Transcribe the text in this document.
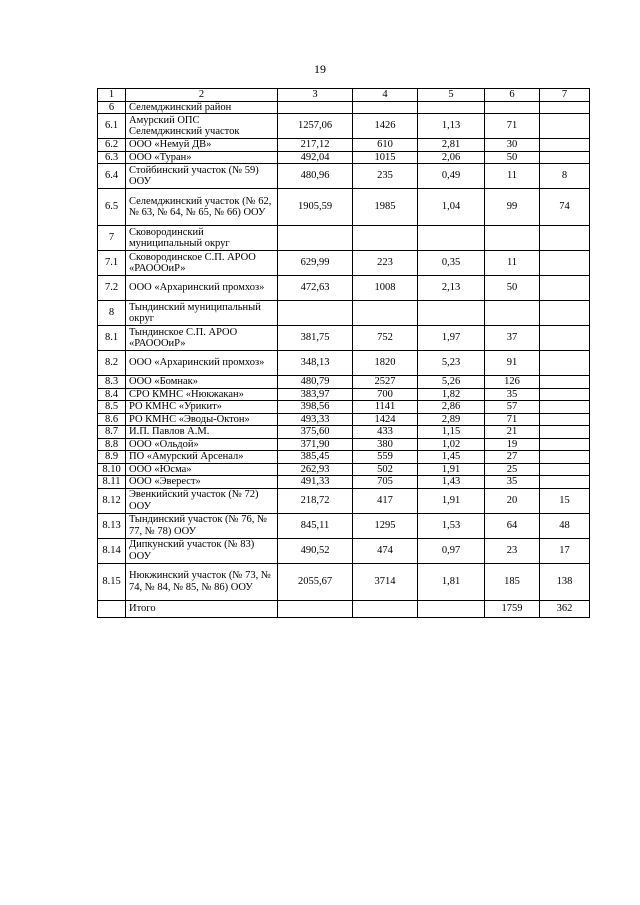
19
1	2	3	4	5	6	7
6	Селемджинский район					
6.1	Амурский ОПС Селемджинский участок	1257,06	1426	1,13	71	
6.2	ООО «Немуй ДВ»	217,12	610	2,81	30	
6.3	ООО «Туран»	492,04	1015	2,06	50	
6.4	Стойбинский участок (№ 59) ООУ	480,96	235	0,49	11	8
6.5	Селемджинский участок (№ 62, № 63, № 64, № 65, № 66) ООУ	1905,59	1985	1,04	99	74
7	Сковородинский муниципальный округ					
7.1	Сковородинское С.П. АРОО «РАОООиР»	629,99	223	0,35	11	
7.2	ООО «Архаринский промхоз»	472,63	1008	2,13	50	
8	Тындинский муниципальный округ					
8.1	Тындинское С.П. АРОО «РАОООиР»	381,75	752	1,97	37	
8.2	ООО «Архаринский промхоз»	348,13	1820	5,23	91	
8.3	ООО «Бомнак»	480,79	2527	5,26	126	
8.4	СРО КМНС «Нюкжакан»	383,97	700	1,82	35	
8.5	РО КМНС «Урикит»	398,56	1141	2,86	57	
8.6	РО КМНС «Эводы-Октон»	493,33	1424	2,89	71	
8.7	И.П. Павлов А.М.	375,60	433	1,15	21	
8.8	ООО «Ольдой»	371,90	380	1,02	19	
8.9	ПО «Амурский Арсенал»	385,45	559	1,45	27	
8.10	ООО «Юсма»	262,93	502	1,91	25	
8.11	ООО «Эверест»	491,33	705	1,43	35	
8.12	Эвенкийский участок (№ 72) ООУ	218,72	417	1,91	20	15
8.13	Тындинский участок (№ 76, № 77, № 78) ООУ	845,11	1295	1,53	64	48
8.14	Дипкунский участок (№ 83) ООУ	490,52	474	0,97	23	17
8.15	Нюкжинский участок (№ 73, № 74, № 84, № 85, № 86) ООУ	2055,67	3714	1,81	185	138
	Итого				1759	362
